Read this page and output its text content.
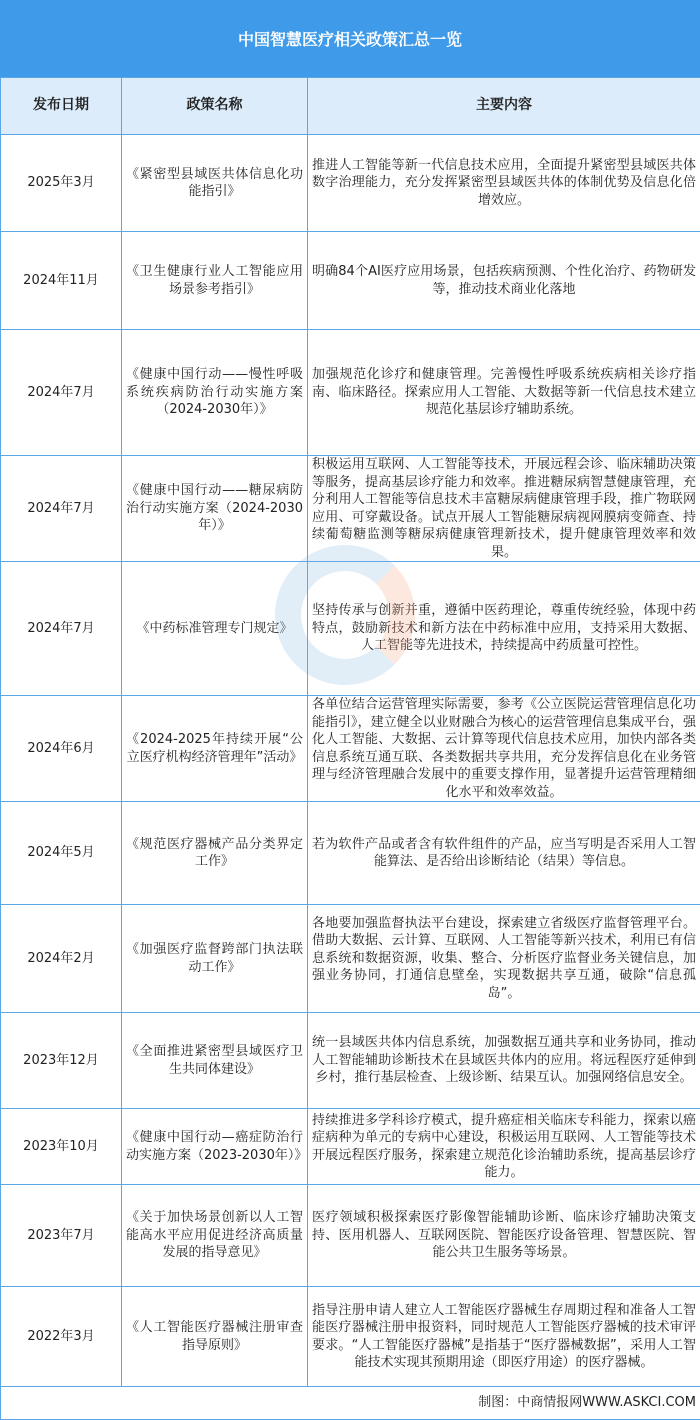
中国智慧医疗相关政策汇总一览
发布日期	政策名称	主要内容
2025年3月	《紧密型县域医共体信息化功能指引》	推进人工智能等新一代信息技术应用，全面提升紧密型县域医共体数字治理能力，充分发挥紧密型县域医共体的体制优势及信息化倍增效应。
2024年11月	《卫生健康行业人工智能应用场景参考指引》	明确84个AI医疗应用场景，包括疾病预测、个性化治疗、药物研发等，推动技术商业化落地
2024年7月	《健康中国行动——慢性呼吸系统疾病防治行动实施方案（2024-2030年）》	加强规范化诊疗和健康管理。完善慢性呼吸系统疾病相关诊疗指南、临床路径。探索应用人工智能、大数据等新一代信息技术建立规范化基层诊疗辅助系统。
2024年7月	《健康中国行动——糖尿病防治行动实施方案（2024-2030年）》	积极运用互联网、人工智能等技术，开展远程会诊、临床辅助决策等服务，提高基层诊疗能力和效率。推进糖尿病智慧健康管理，充分利用人工智能等信息技术丰富糖尿病健康管理手段，推广物联网应用、可穿戴设备。试点开展人工智能糖尿病视网膜病变筛查、持续葡萄糖监测等糖尿病健康管理新技术，提升健康管理效率和效果。
2024年7月	《中药标准管理专门规定》	坚持传承与创新并重，遵循中医药理论，尊重传统经验，体现中药特点，鼓励新技术和新方法在中药标准中应用，支持采用大数据、人工智能等先进技术，持续提高中药质量可控性。
2024年6月	《2024-2025年持续开展“公立医疗机构经济管理年”活动》	各单位结合运营管理实际需要，参考《公立医院运营管理信息化功能指引》，建立健全以业财融合为核心的运营管理信息集成平台，强化人工智能、大数据、云计算等现代信息技术应用，加快内部各类信息系统互通互联、各类数据共享共用，充分发挥信息化在业务管理与经济管理融合发展中的重要支撑作用，显著提升运营管理精细化水平和效率效益。
2024年5月	《规范医疗器械产品分类界定工作》	若为软件产品或者含有软件组件的产品，应当写明是否采用人工智能算法、是否给出诊断结论（结果）等信息。
2024年2月	《加强医疗监督跨部门执法联动工作》	各地要加强监督执法平台建设，探索建立省级医疗监督管理平台。借助大数据、云计算、互联网、人工智能等新兴技术，利用已有信息系统和数据资源，收集、整合、分析医疗监督业务关键信息，加强业务协同，打通信息壁垒，实现数据共享互通，破除“信息孤岛”。
2023年12月	《全面推进紧密型县域医疗卫生共同体建设》	统一县域医共体内信息系统，加强数据互通共享和业务协同，推动人工智能辅助诊断技术在县域医共体内的应用。将远程医疗延伸到乡村，推行基层检查、上级诊断、结果互认。加强网络信息安全。
2023年10月	《健康中国行动—癌症防治行动实施方案（2023-2030年）》	持续推进多学科诊疗模式，提升癌症相关临床专科能力，探索以癌症病种为单元的专病中心建设，积极运用互联网、人工智能等技术开展远程医疗服务，探索建立规范化诊治辅助系统，提高基层诊疗能力。
2023年7月	《关于加快场景创新以人工智能高水平应用促进经济高质量发展的指导意见》	医疗领域积极探索医疗影像智能辅助诊断、临床诊疗辅助决策支持、医用机器人、互联网医院、智能医疗设备管理、智慧医院、智能公共卫生服务等场景。
2022年3月	《人工智能医疗器械注册审查指导原则》	指导注册申请人建立人工智能医疗器械生存周期过程和准备人工智能医疗器械注册申报资料，同时规范人工智能医疗器械的技术审评要求。“人工智能医疗器械”是指基于“医疗器械数据”，采用人工智能技术实现其预期用途（即医疗用途）的医疗器械。
制图：中商情报网WWW.ASKCI.COM		
